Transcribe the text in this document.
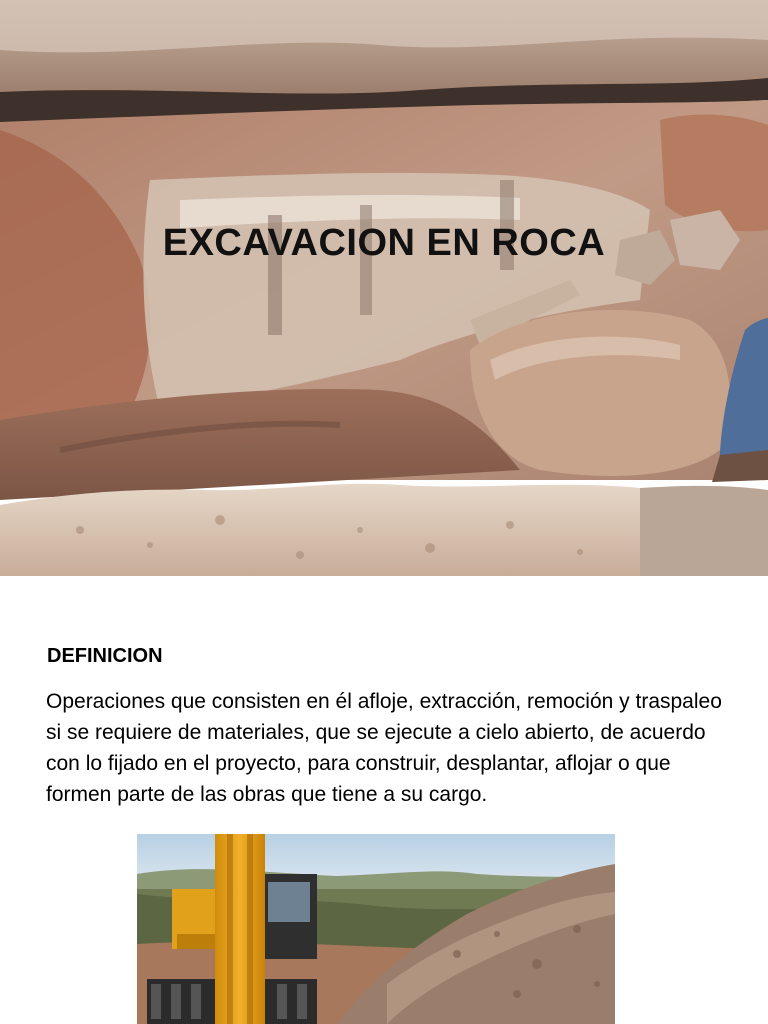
EXCAVACION EN ROCA
DEFINICION

Operaciones que consisten en él afloje, extracción, remoción y traspaleo si se requiere de materiales, que se ejecute a cielo abierto, de acuerdo con lo fijado en el proyecto, para construir, desplantar, aflojar o que formen parte de las obras que tiene a su cargo.
